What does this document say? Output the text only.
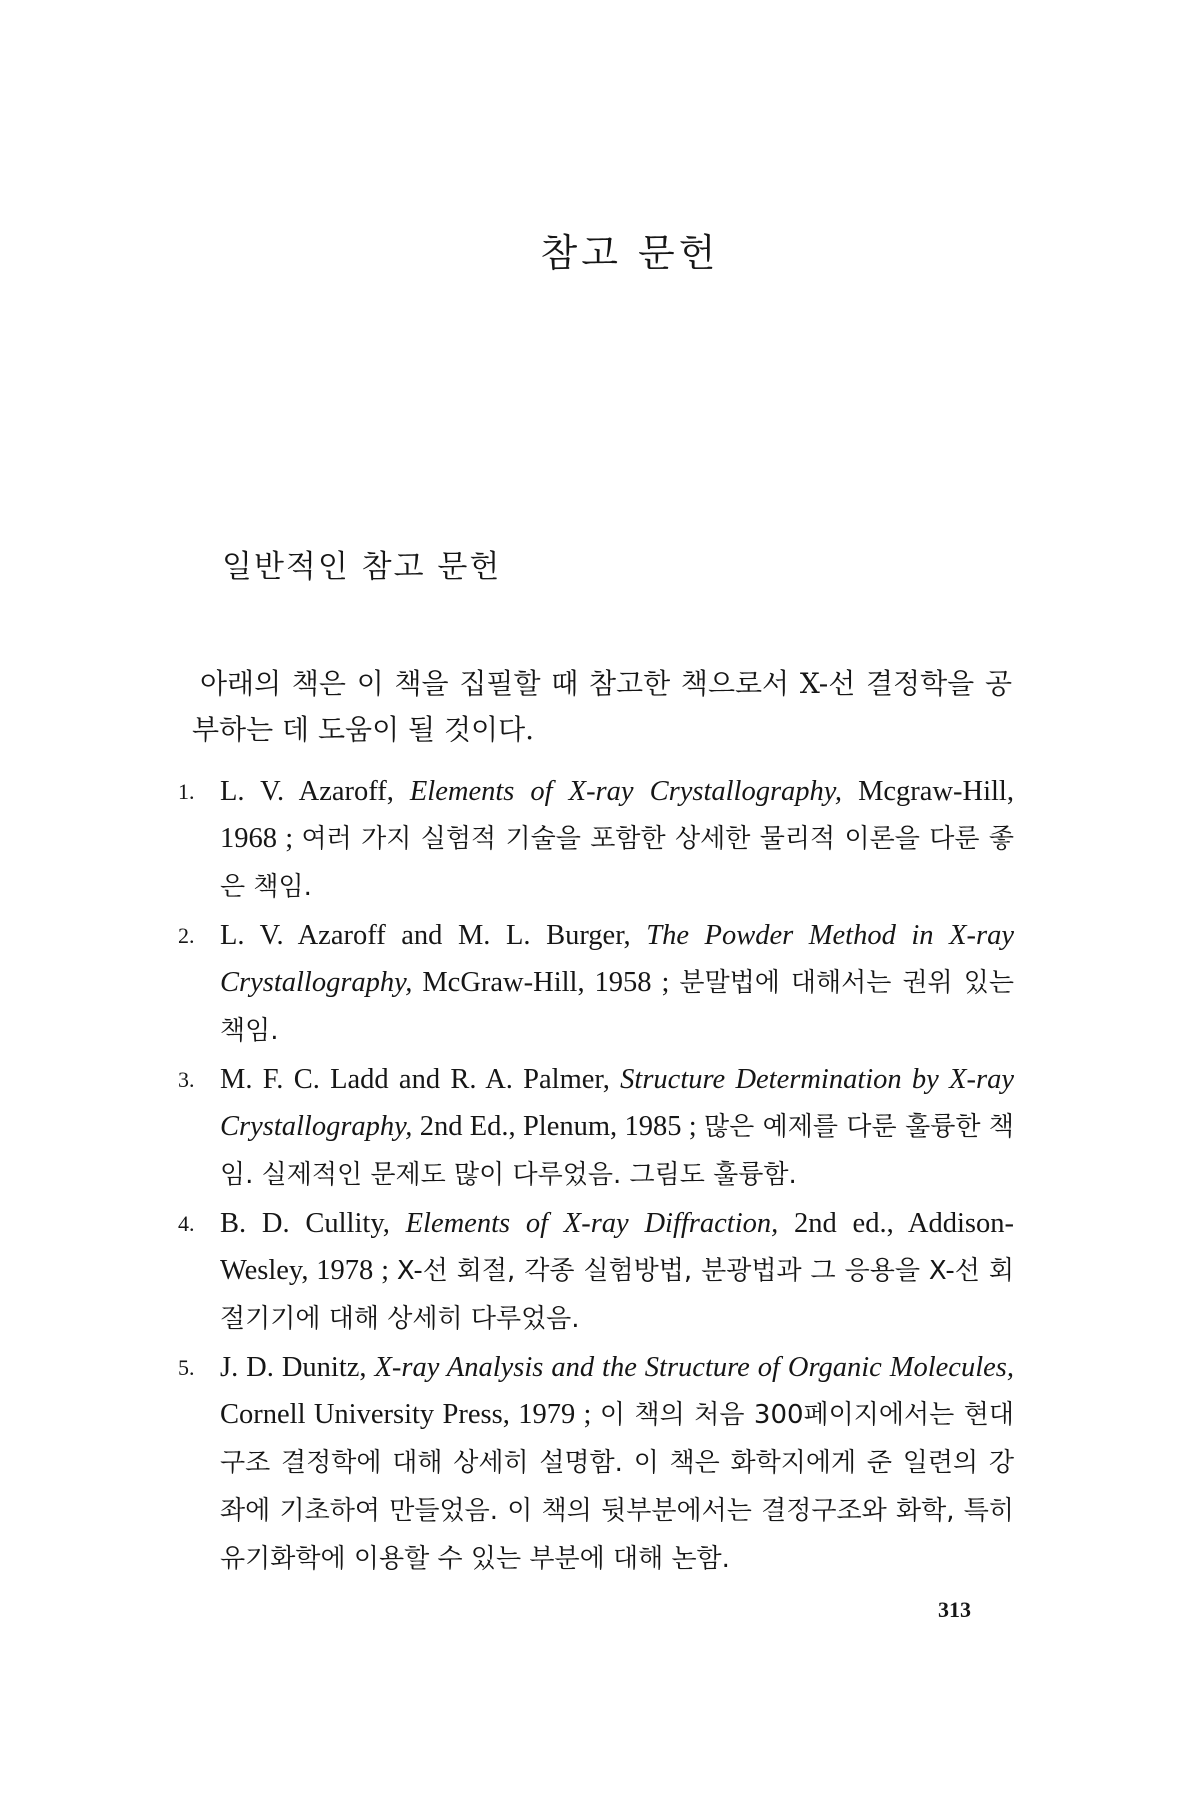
참고 문헌
일반적인 참고 문헌

아래의 책은 이 책을 집필할 때 참고한 책으로서 X-선 결정학을 공부하는 데 도움이 될 것이다.

1. L. V. Azaroff, Elements of X-ray Crystallography, Mcgraw-Hill, 1968 ; 여러 가지 실험적 기술을 포함한 상세한 물리적 이론을 다룬 좋은 책임.
2. L. V. Azaroff and M. L. Burger, The Powder Method in X-ray Crystallography, McGraw-Hill, 1958 ; 분말법에 대해서는 권위 있는 책임.
3. M. F. C. Ladd and R. A. Palmer, Structure Determination by X-ray Crystallography, 2nd Ed., Plenum, 1985 ; 많은 예제를 다룬 훌륭한 책임. 실제적인 문제도 많이 다루었음. 그림도 훌륭함.
4. B. D. Cullity, Elements of X-ray Diffraction, 2nd ed., Addison-Wesley, 1978 ; X-선 회절, 각종 실험방법, 분광법과 그 응용을 X-선 회절기기에 대해 상세히 다루었음.
5. J. D. Dunitz, X-ray Analysis and the Structure of Organic Molecules, Cornell University Press, 1979 ; 이 책의 처음 300페이지에서는 현대 구조 결정학에 대해 상세히 설명함. 이 책은 화학지에게 준 일련의 강좌에 기초하여 만들었음. 이 책의 뒷부분에서는 결정구조와 화학, 특히 유기화학에 이용할 수 있는 부분에 대해 논함.
313
